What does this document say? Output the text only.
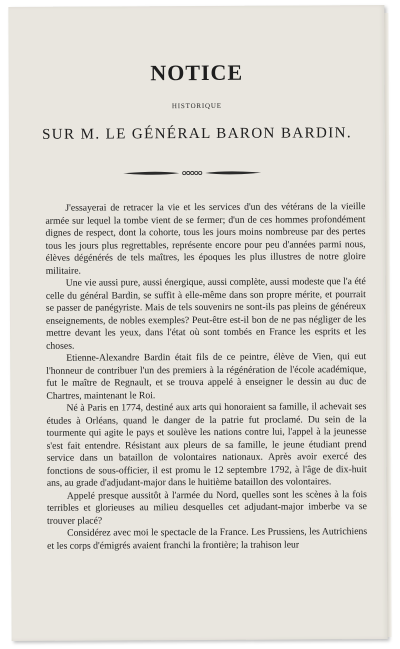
NOTICE
HISTORIQUE
SUR M. LE GÉNÉRAL BARON BARDIN.

J'essayerai de retracer la vie et les services d'un des vétérans de la vieille armée sur lequel la tombe vient de se fermer; d'un de ces hommes profondément dignes de respect, dont la cohorte, tous les jours moins nombreuse par des pertes tous les jours plus regrettables, représente encore pour peu d'années parmi nous, élèves dégénérés de tels maîtres, les époques les plus illustres de notre gloire militaire.

Une vie aussi pure, aussi énergique, aussi complète, aussi modeste que l'a été celle du général Bardin, se suffit à elle-même dans son propre mérite, et pourrait se passer de panégyriste. Mais de tels souvenirs ne sont-ils pas pleins de généreux enseignements, de nobles exemples? Peut-être est-il bon de ne pas négliger de les mettre devant les yeux, dans l'état où sont tombés en France les esprits et les choses.

Etienne-Alexandre Bardin était fils de ce peintre, élève de Vien, qui eut l'honneur de contribuer l'un des premiers à la régénération de l'école académique, fut le maître de Regnault, et se trouva appelé à enseigner le dessin au duc de Chartres, maintenant le Roi.

Né à Paris en 1774, destiné aux arts qui honoraient sa famille, il achevait ses études à Orléans, quand le danger de la patrie fut proclamé. Du sein de la tourmente qui agite le pays et soulève les nations contre lui, l'appel à la jeunesse s'est fait entendre. Résistant aux pleurs de sa famille, le jeune étudiant prend service dans un bataillon de volontaires nationaux. Après avoir exercé des fonctions de sous-officier, il est promu le 12 septembre 1792, à l'âge de dix-huit ans, au grade d'adjudant-major dans le huitième bataillon des volontaires.

Appelé presque aussitôt à l'armée du Nord, quelles sont les scènes à la fois terribles et glorieuses au milieu desquelles cet adjudant-major imberbe va se trouver placé?

Considérez avec moi le spectacle de la France. Les Prussiens, les Autrichiens et les corps d'émigrés avaient franchi la frontière; la trahison leur
